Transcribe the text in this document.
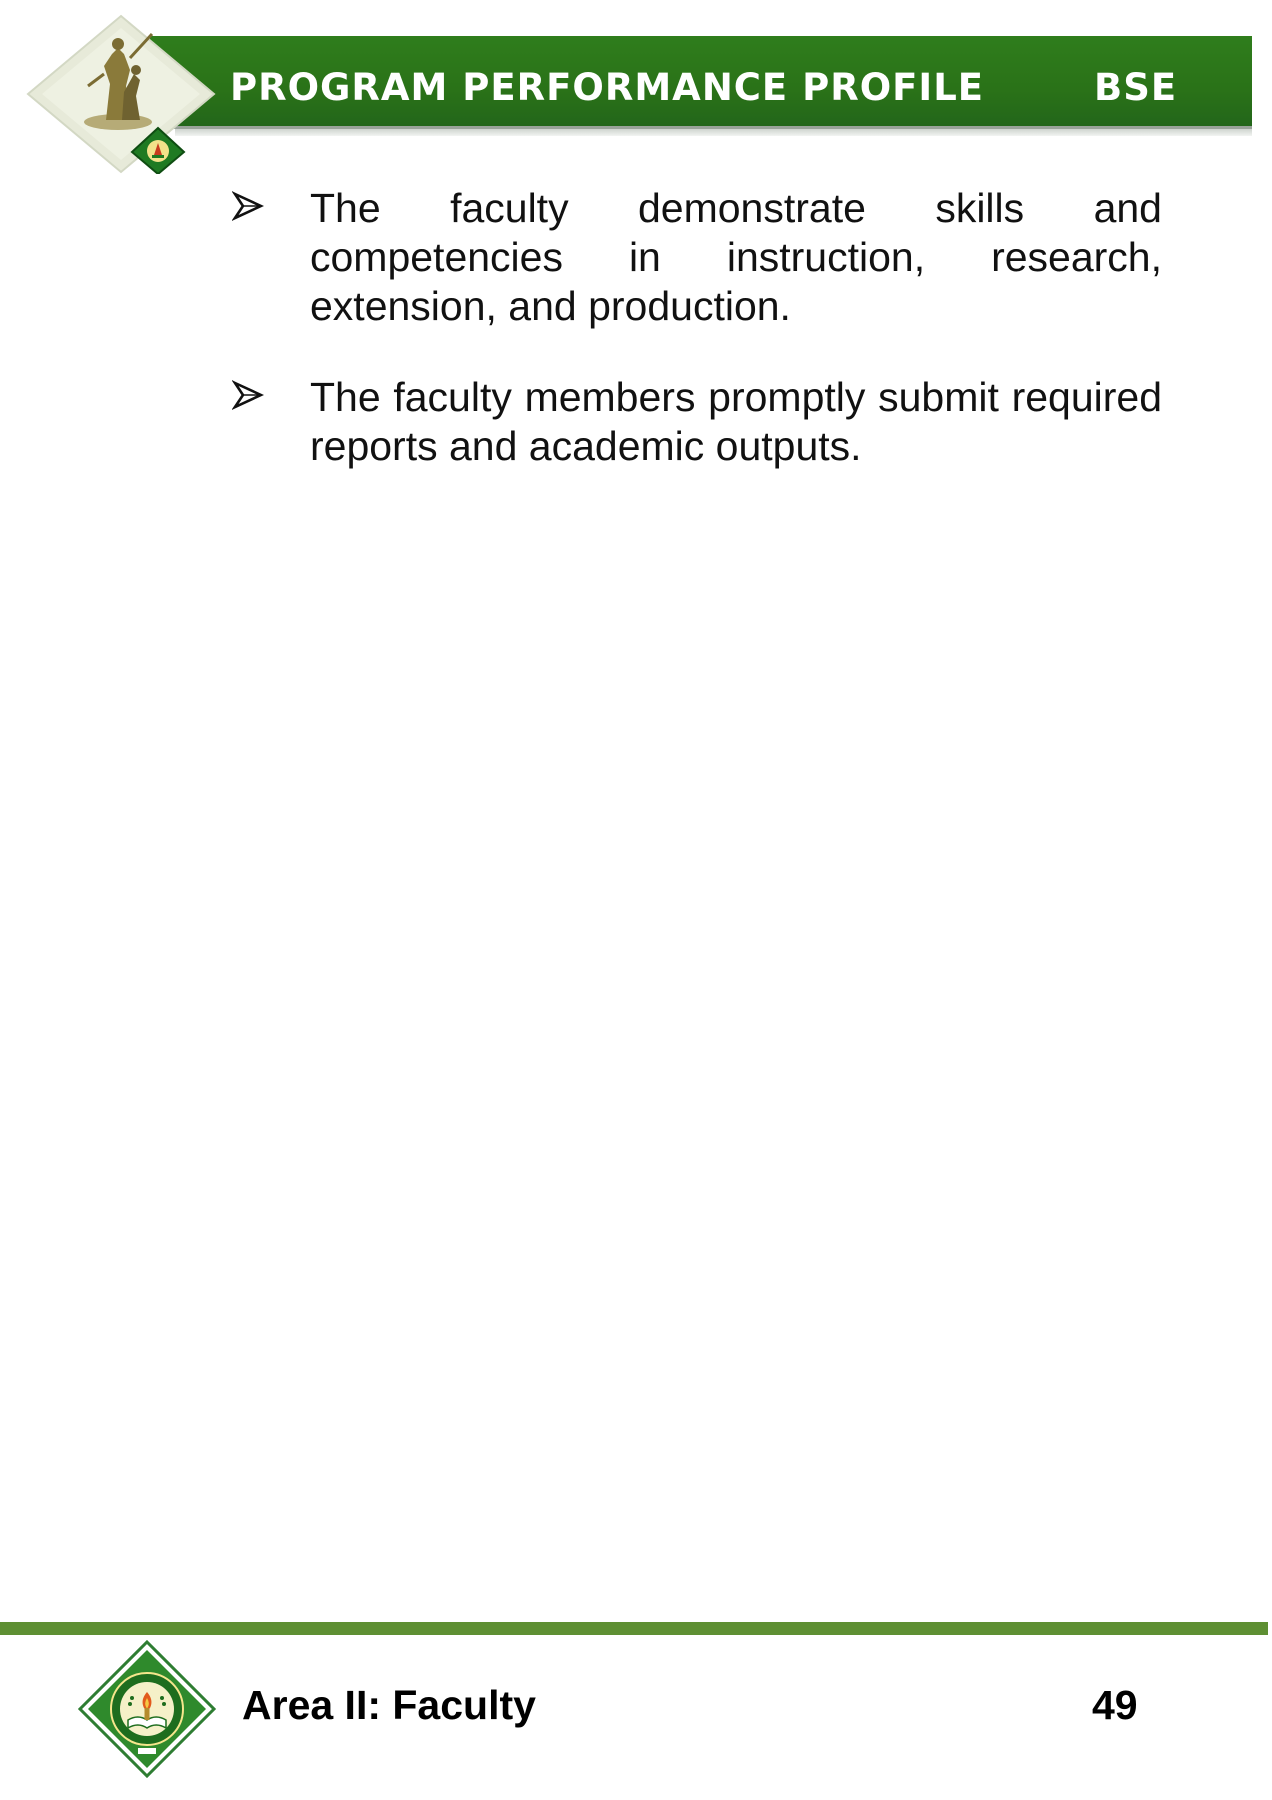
PROGRAM PERFORMANCE PROFILE	BSE
The faculty demonstrate skills and competencies in instruction, research, extension, and production.
The faculty members promptly submit required reports and academic outputs.
Area II: Faculty	49
